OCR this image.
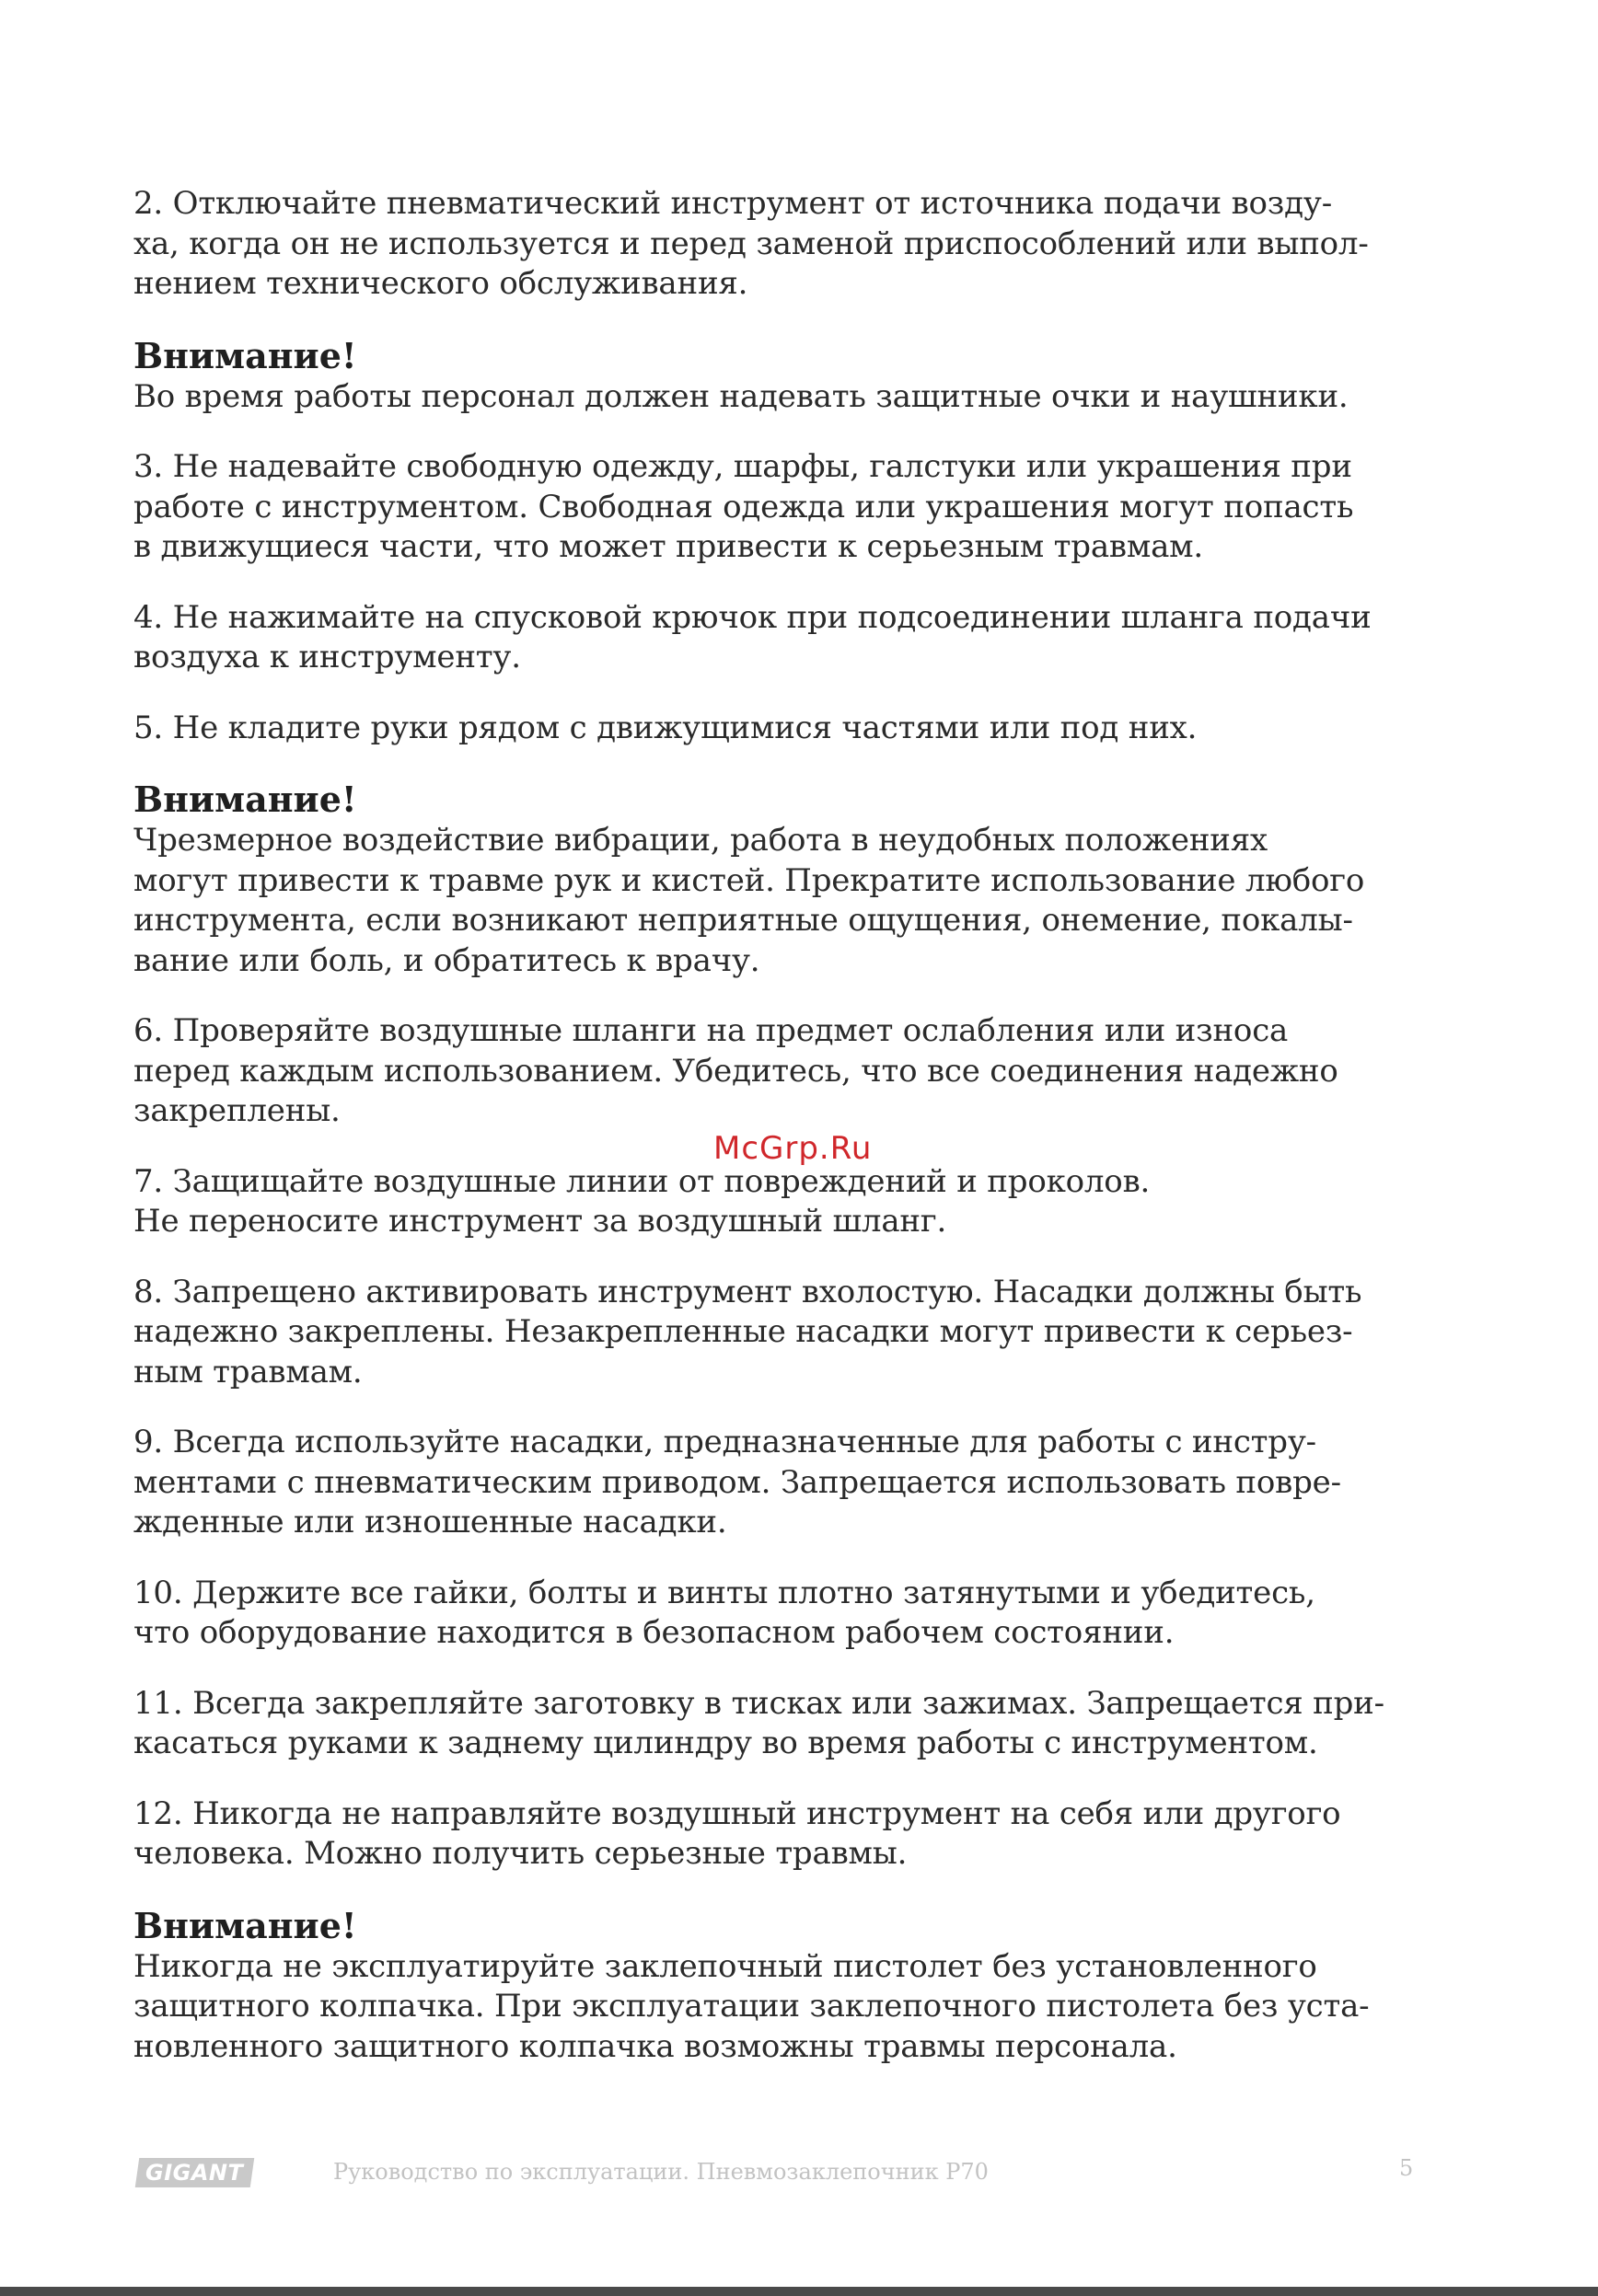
2. Отключайте пневматический инструмент от источника подачи возду-
ха, когда он не используется и перед заменой приспособлений или выпол-
нением технического обслуживания.

Внимание!
Во время работы персонал должен надевать защитные очки и наушники.

3. Не надевайте свободную одежду, шарфы, галстуки или украшения при
работе с инструментом. Свободная одежда или украшения могут попасть
в движущиеся части, что может привести к серьезным травмам.

4. Не нажимайте на спусковой крючок при подсоединении шланга подачи
воздуха к инструменту.

5. Не кладите руки рядом с движущимися частями или под них.

Внимание!
Чрезмерное воздействие вибрации, работа в неудобных положениях
могут привести к травме рук и кистей. Прекратите использование любого
инструмента, если возникают неприятные ощущения, онемение, покалы-
вание или боль, и обратитесь к врачу.

6. Проверяйте воздушные шланги на предмет ослабления или износа
перед каждым использованием. Убедитесь, что все соединения надежно
закреплены.

7. Защищайте воздушные линии от повреждений и проколов.
Не переносите инструмент за воздушный шланг.

8. Запрещено активировать инструмент вхолостую. Насадки должны быть
надежно закреплены. Незакрепленные насадки могут привести к серьез-
ным травмам.

9. Всегда используйте насадки, предназначенные для работы с инстру-
ментами с пневматическим приводом. Запрещается использовать повре-
жденные или изношенные насадки.

10. Держите все гайки, болты и винты плотно затянутыми и убедитесь,
что оборудование находится в безопасном рабочем состоянии.

11. Всегда закрепляйте заготовку в тисках или зажимах. Запрещается при-
касаться руками к заднему цилиндру во время работы с инструментом.

12. Никогда не направляйте воздушный инструмент на себя или другого
человека. Можно получить серьезные травмы.

Внимание!
Никогда не эксплуатируйте заклепочный пистолет без установленного
защитного колпачка. При эксплуатации заклепочного пистолета без уста-
новленного защитного колпачка возможны травмы персонала.
McGrp.Ru
GIGANT	Руководство по эксплуатации. Пневмозаклепочник P70	5
